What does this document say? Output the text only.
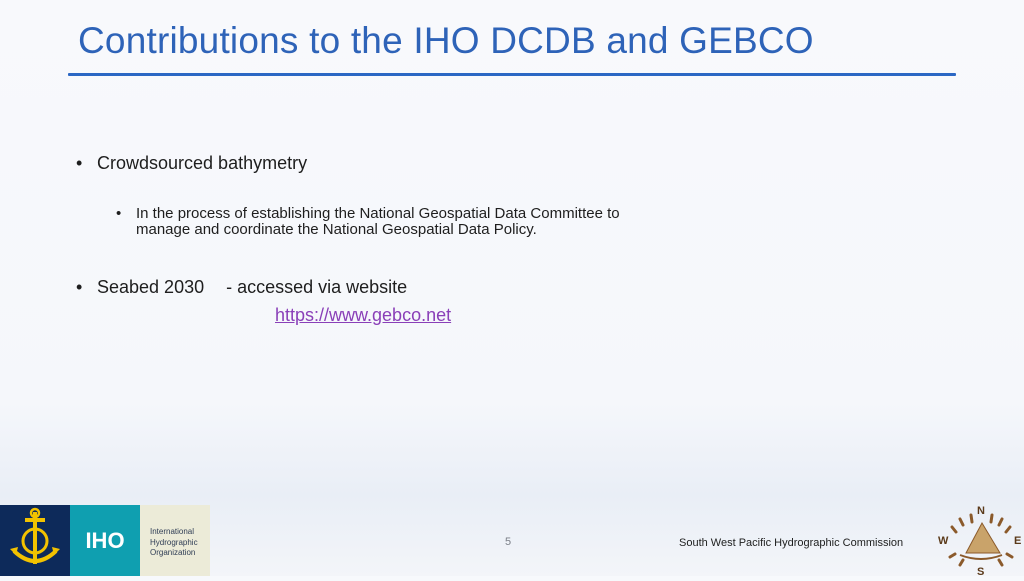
Contributions to the IHO DCDB and GEBCO
• Crowdsourced bathymetry
• In the process of establishing the National Geospatial Data Committee to
manage and coordinate the National Geospatial Data Policy.
• Seabed 2030 - accessed via website
https://www.gebco.net
IHO	International
Hydrographic
Organization
5	South West Pacific Hydrographic Commission
N
W	E
S
